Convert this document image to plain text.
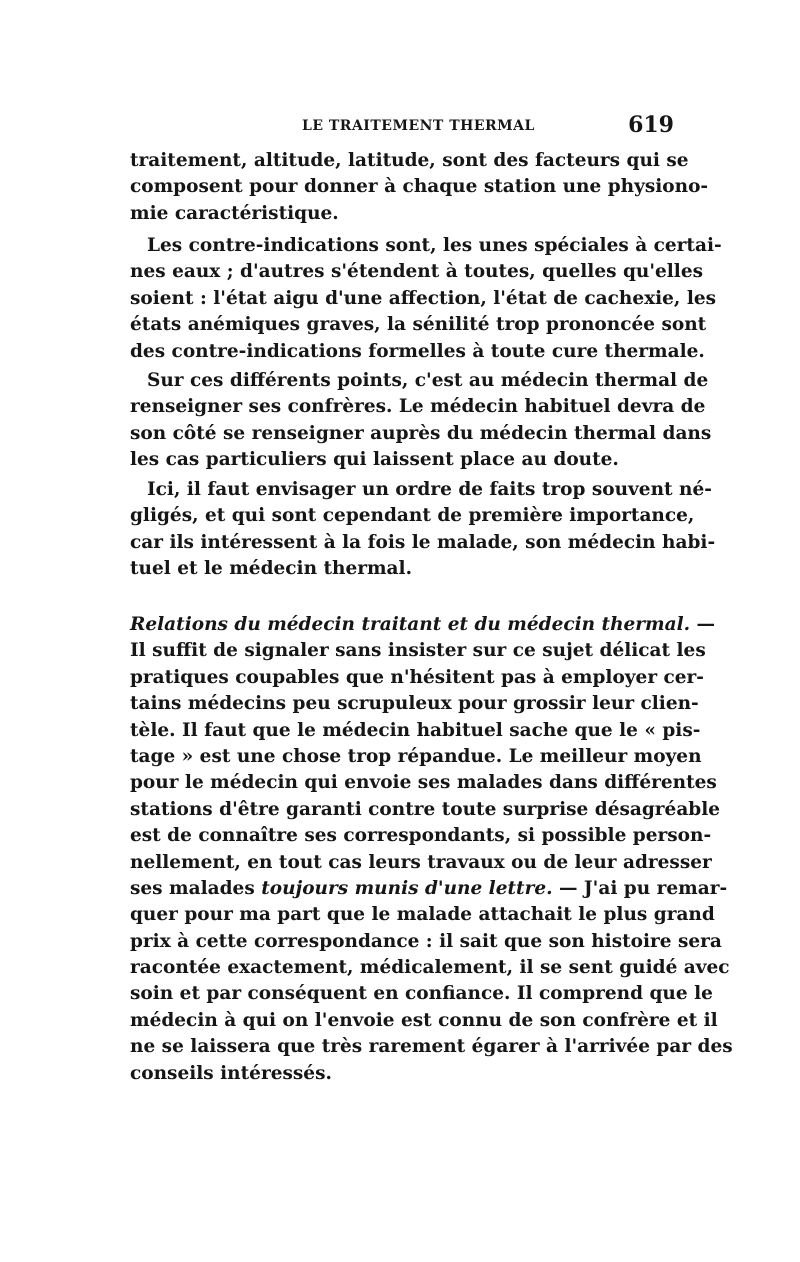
LE TRAITEMENT THERMAL	619
traitement, altitude, latitude, sont des facteurs qui se
composent pour donner à chaque station une physiono-
mie caractéristique.
Les contre-indications sont, les unes spéciales à certai-
nes eaux ; d'autres s'étendent à toutes, quelles qu'elles
soient : l'état aigu d'une affection, l'état de cachexie, les
états anémiques graves, la sénilité trop prononcée sont
des contre-indications formelles à toute cure thermale.
Sur ces différents points, c'est au médecin thermal de
renseigner ses confrères. Le médecin habituel devra de
son côté se renseigner auprès du médecin thermal dans
les cas particuliers qui laissent place au doute.
Ici, il faut envisager un ordre de faits trop souvent né-
gligés, et qui sont cependant de première importance,
car ils intéressent à la fois le malade, son médecin habi-
tuel et le médecin thermal.
Relations du médecin traitant et du médecin thermal. —
Il suffit de signaler sans insister sur ce sujet délicat les
pratiques coupables que n'hésitent pas à employer cer-
tains médecins peu scrupuleux pour grossir leur clien-
tèle. Il faut que le médecin habituel sache que le « pis-
tage » est une chose trop répandue. Le meilleur moyen
pour le médecin qui envoie ses malades dans différentes
stations d'être garanti contre toute surprise désagréable
est de connaître ses correspondants, si possible person-
nellement, en tout cas leurs travaux ou de leur adresser
ses malades toujours munis d'une lettre. — J'ai pu remar-
quer pour ma part que le malade attachait le plus grand
prix à cette correspondance : il sait que son histoire sera
racontée exactement, médicalement, il se sent guidé avec
soin et par conséquent en confiance. Il comprend que le
médecin à qui on l'envoie est connu de son confrère et il
ne se laissera que très rarement égarer à l'arrivée par des
conseils intéressés.
